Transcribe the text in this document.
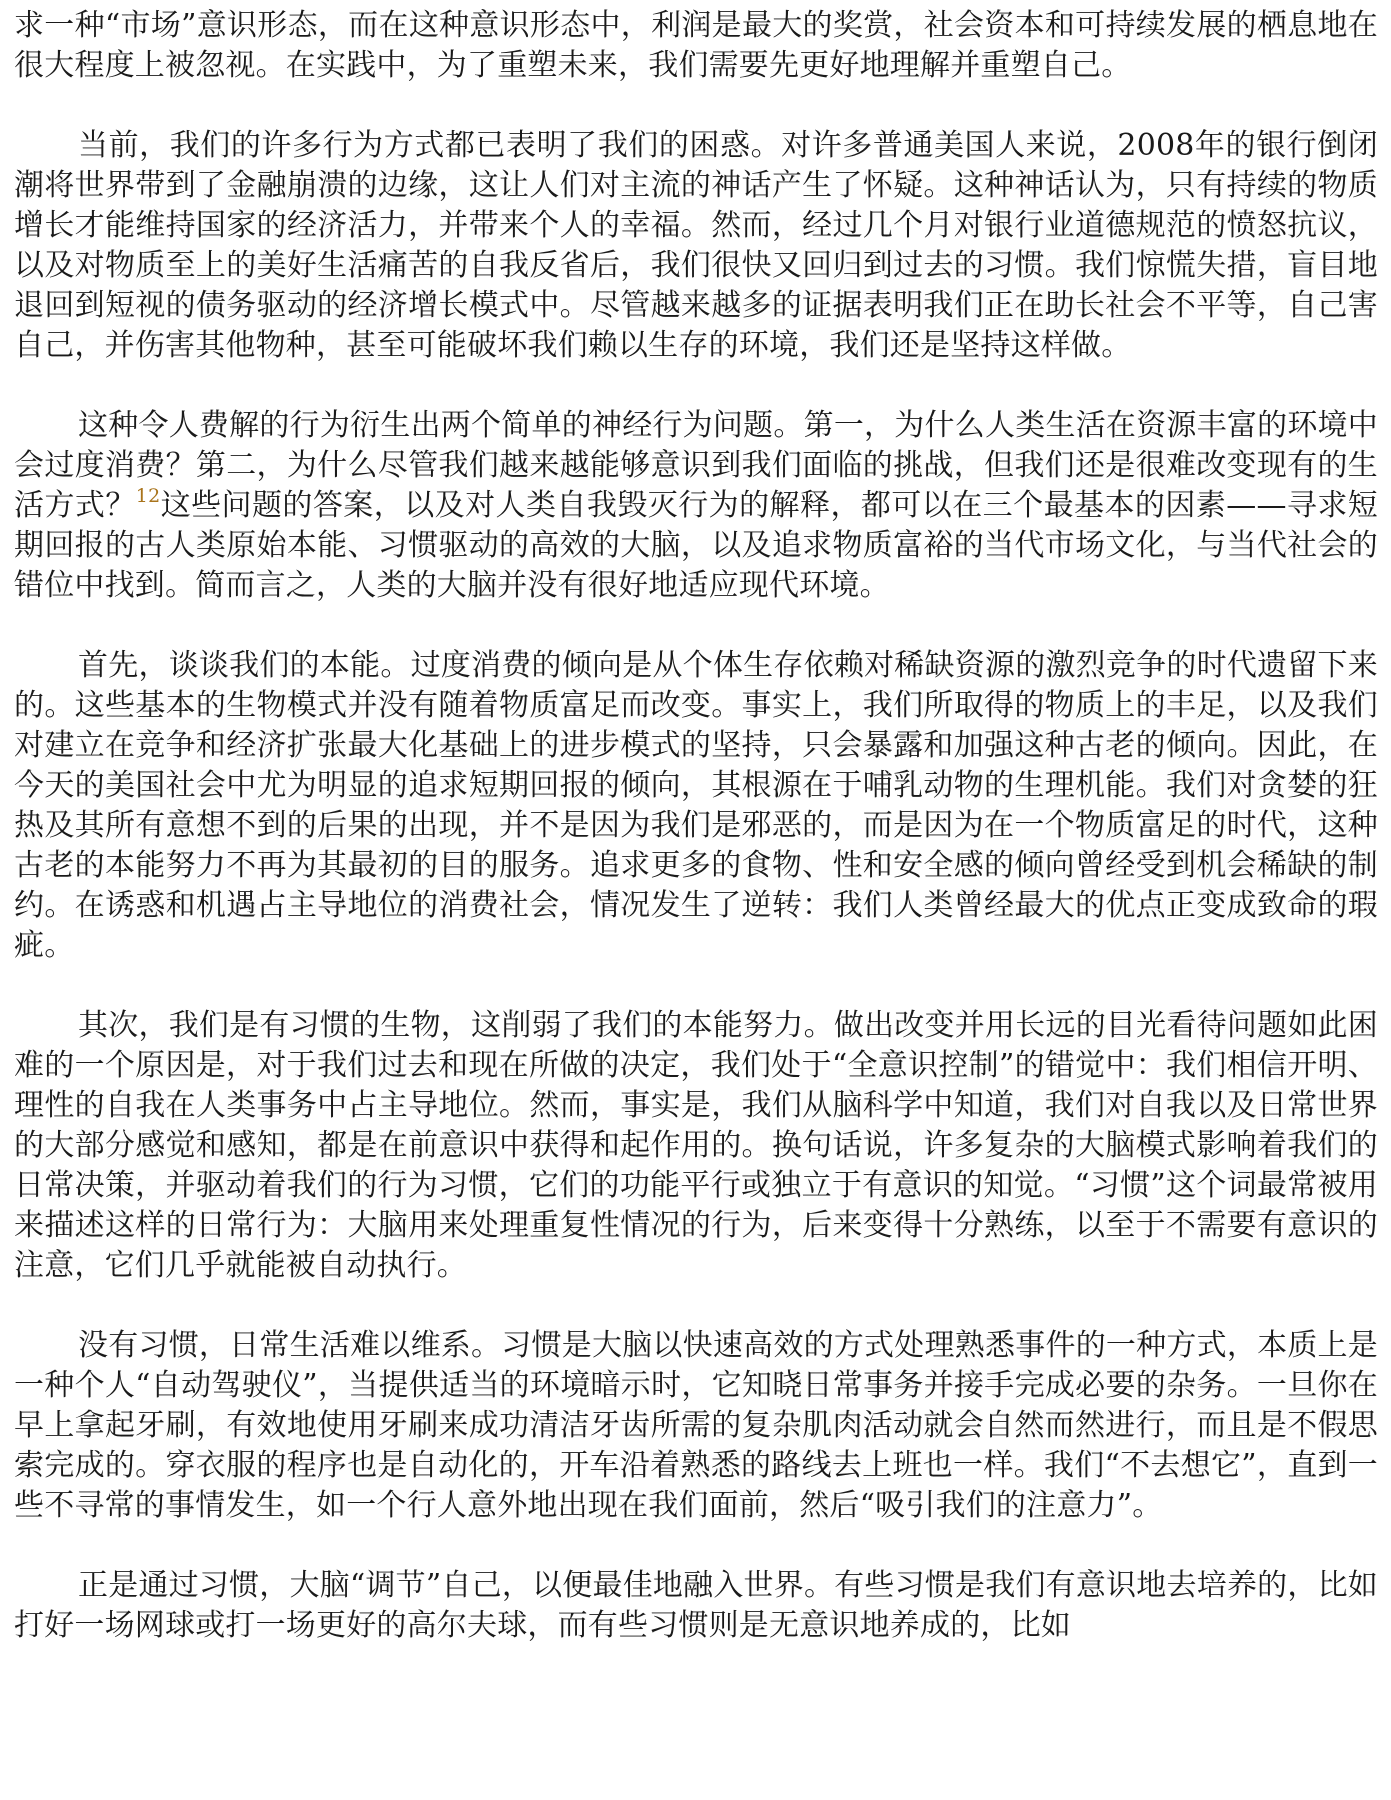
求一种“市场”意识形态，而在这种意识形态中，利润是最大的奖赏，社会资本和可持续发展的栖息地在很大程度上被忽视。在实践中，为了重塑未来，我们需要先更好地理解并重塑自己。

当前，我们的许多行为方式都已表明了我们的困惑。对许多普通美国人来说，2008年的银行倒闭潮将世界带到了金融崩溃的边缘，这让人们对主流的神话产生了怀疑。这种神话认为，只有持续的物质增长才能维持国家的经济活力，并带来个人的幸福。然而，经过几个月对银行业道德规范的愤怒抗议，以及对物质至上的美好生活痛苦的自我反省后，我们很快又回归到过去的习惯。我们惊慌失措，盲目地退回到短视的债务驱动的经济增长模式中。尽管越来越多的证据表明我们正在助长社会不平等，自己害自己，并伤害其他物种，甚至可能破坏我们赖以生存的环境，我们还是坚持这样做。

这种令人费解的行为衍生出两个简单的神经行为问题。第一，为什么人类生活在资源丰富的环境中会过度消费？第二，为什么尽管我们越来越能够意识到我们面临的挑战，但我们还是很难改变现有的生活方式？$^{12}$这些问题的答案，以及对人类自我毁灭行为的解释，都可以在三个最基本的因素——寻求短期回报的古人类原始本能、习惯驱动的高效的大脑，以及追求物质富裕的当代市场文化，与当代社会的错位中找到。简而言之，人类的大脑并没有很好地适应现代环境。

首先，谈谈我们的本能。过度消费的倾向是从个体生存依赖对稀缺资源的激烈竞争的时代遗留下来的。这些基本的生物模式并没有随着物质富足而改变。事实上，我们所取得的物质上的丰足，以及我们对建立在竞争和经济扩张最大化基础上的进步模式的坚持，只会暴露和加强这种古老的倾向。因此，在今天的美国社会中尤为明显的追求短期回报的倾向，其根源在于哺乳动物的生理机能。我们对贪婪的狂热及其所有意想不到的后果的出现，并不是因为我们是邪恶的，而是因为在一个物质富足的时代，这种古老的本能努力不再为其最初的目的服务。追求更多的食物、性和安全感的倾向曾经受到机会稀缺的制约。在诱惑和机遇占主导地位的消费社会，情况发生了逆转：我们人类曾经最大的优点正变成致命的瑕疵。

其次，我们是有习惯的生物，这削弱了我们的本能努力。做出改变并用长远的目光看待问题如此困难的一个原因是，对于我们过去和现在所做的决定，我们处于“全意识控制”的错觉中：我们相信开明、理性的自我在人类事务中占主导地位。然而，事实是，我们从脑科学中知道，我们对自我以及日常世界的大部分感觉和感知，都是在前意识中获得和起作用的。换句话说，许多复杂的大脑模式影响着我们的日常决策，并驱动着我们的行为习惯，它们的功能平行或独立于有意识的知觉。“习惯”这个词最常被用来描述这样的日常行为：大脑用来处理重复性情况的行为，后来变得十分熟练，以至于不需要有意识的注意，它们几乎就能被自动执行。

没有习惯，日常生活难以维系。习惯是大脑以快速高效的方式处理熟悉事件的一种方式，本质上是一种个人“自动驾驶仪”，当提供适当的环境暗示时，它知晓日常事务并接手完成必要的杂务。一旦你在早上拿起牙刷，有效地使用牙刷来成功清洁牙齿所需的复杂肌肉活动就会自然而然进行，而且是不假思索完成的。穿衣服的程序也是自动化的，开车沿着熟悉的路线去上班也一样。我们“不去想它”，直到一些不寻常的事情发生，如一个行人意外地出现在我们面前，然后“吸引我们的注意力”。

正是通过习惯，大脑“调节”自己，以便最佳地融入世界。有些习惯是我们有意识地去培养的，比如打好一场网球或打一场更好的高尔夫球，而有些习惯则是无意识地养成的，比如
